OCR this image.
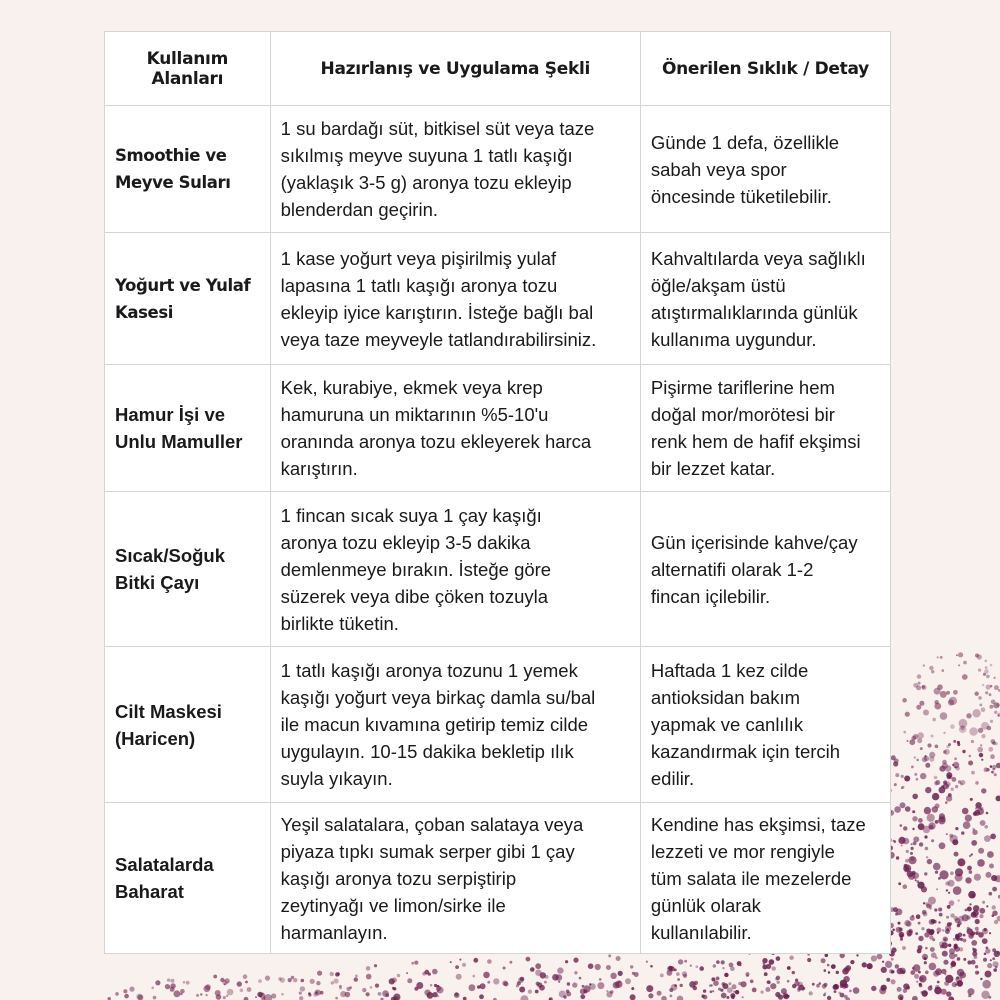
Kullanım Alanları	Hazırlanış ve Uygulama Şekli	Önerilen Sıklık / Detay

Smoothie ve
Meyve Suları	1 su bardağı süt, bitkisel süt veya taze
sıkılmış meyve suyuna 1 tatlı kaşığı
(yaklaşık 3-5 g) aronya tozu ekleyip
blenderdan geçirin.	Günde 1 defa, özellikle
sabah veya spor
öncesinde tüketilebilir.

Yoğurt ve Yulaf
Kasesi	1 kase yoğurt veya pişirilmiş yulaf
lapasına 1 tatlı kaşığı aronya tozu
ekleyip iyice karıştırın. İsteğe bağlı bal
veya taze meyveyle tatlandırabilirsiniz.	Kahvaltılarda veya sağlıklı
öğle/akşam üstü
atıştırmalıklarında günlük
kullanıma uygundur.

Hamur İşi ve
Unlu Mamuller	Kek, kurabiye, ekmek veya krep
hamuruna un miktarının %5-10'u
oranında aronya tozu ekleyerek harca
karıştırın.	Pişirme tariflerine hem
doğal mor/morötesi bir
renk hem de hafif ekşimsi
bir lezzet katar.

Sıcak/Soğuk
Bitki Çayı	1 fincan sıcak suya 1 çay kaşığı
aronya tozu ekleyip 3-5 dakika
demlenmeye bırakın. İsteğe göre
süzerek veya dibe çöken tozuyla
birlikte tüketin.	Gün içerisinde kahve/çay
alternatifi olarak 1-2
fincan içilebilir.

Cilt Maskesi
(Haricen)	1 tatlı kaşığı aronya tozunu 1 yemek
kaşığı yoğurt veya birkaç damla su/bal
ile macun kıvamına getirip temiz cilde
uygulayın. 10-15 dakika bekletip ılık
suyla yıkayın.	Haftada 1 kez cilde
antioksidan bakım
yapmak ve canlılık
kazandırmak için tercih
edilir.

Salatalarda
Baharat	Yeşil salatalara, çoban salataya veya
piyaza tıpkı sumak serper gibi 1 çay
kaşığı aronya tozu serpiştirip
zeytinyağı ve limon/sirke ile
harmanlayın.	Kendine has ekşimsi, taze
lezzeti ve mor rengiyle
tüm salata ile mezelerde
günlük olarak
kullanılabilir.
